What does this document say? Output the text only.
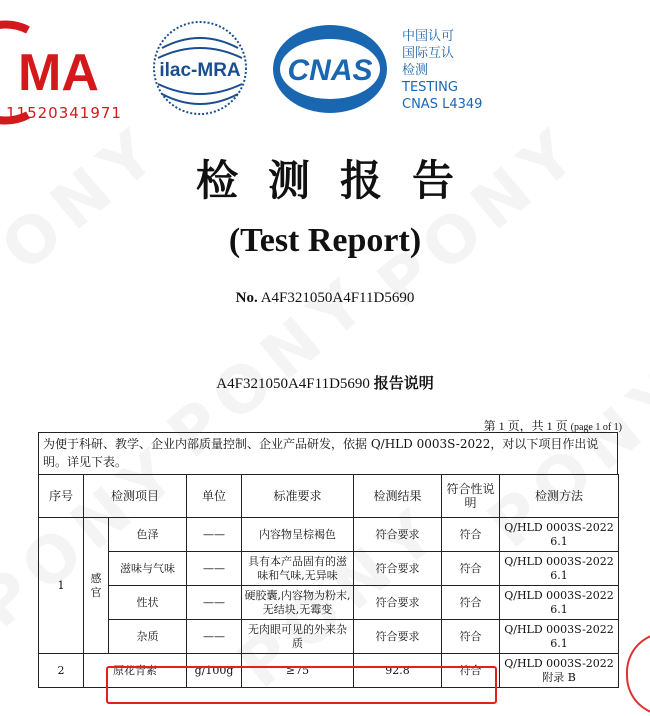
MA
11520341971
ilac-MRA CNAS
中国认可
国际互认
检测
TESTING
CNAS L4349
检测报告
(Test Report)
No. A4F321050A4F11D5690
A4F321050A4F11D5690 报告说明
第 1 页，共 1 页 (page 1 of 1)
为便于科研、教学、企业内部质量控制、企业产品研发，依据 Q/HLD 0003S-2022，对以下项目作出说明。详见下表。
序号	检测项目		单位	标准要求	检测结果	符合性说明	检测方法
1	感官	色泽	——	内容物呈棕褐色	符合要求	符合	Q/HLD 0003S-2022 6.1
		滋味与气味	——	具有本产品固有的滋味和气味,无异味	符合要求	符合	Q/HLD 0003S-2022 6.1
		性状	——	硬胶囊,内容物为粉末,无结块,无霉变	符合要求	符合	Q/HLD 0003S-2022 6.1
		杂质	——	无肉眼可见的外来杂质	符合要求	符合	Q/HLD 0003S-2022 6.1
2	原花青素		g/100g	≥75	92.8	符合	Q/HLD 0003S-2022 附录 B
